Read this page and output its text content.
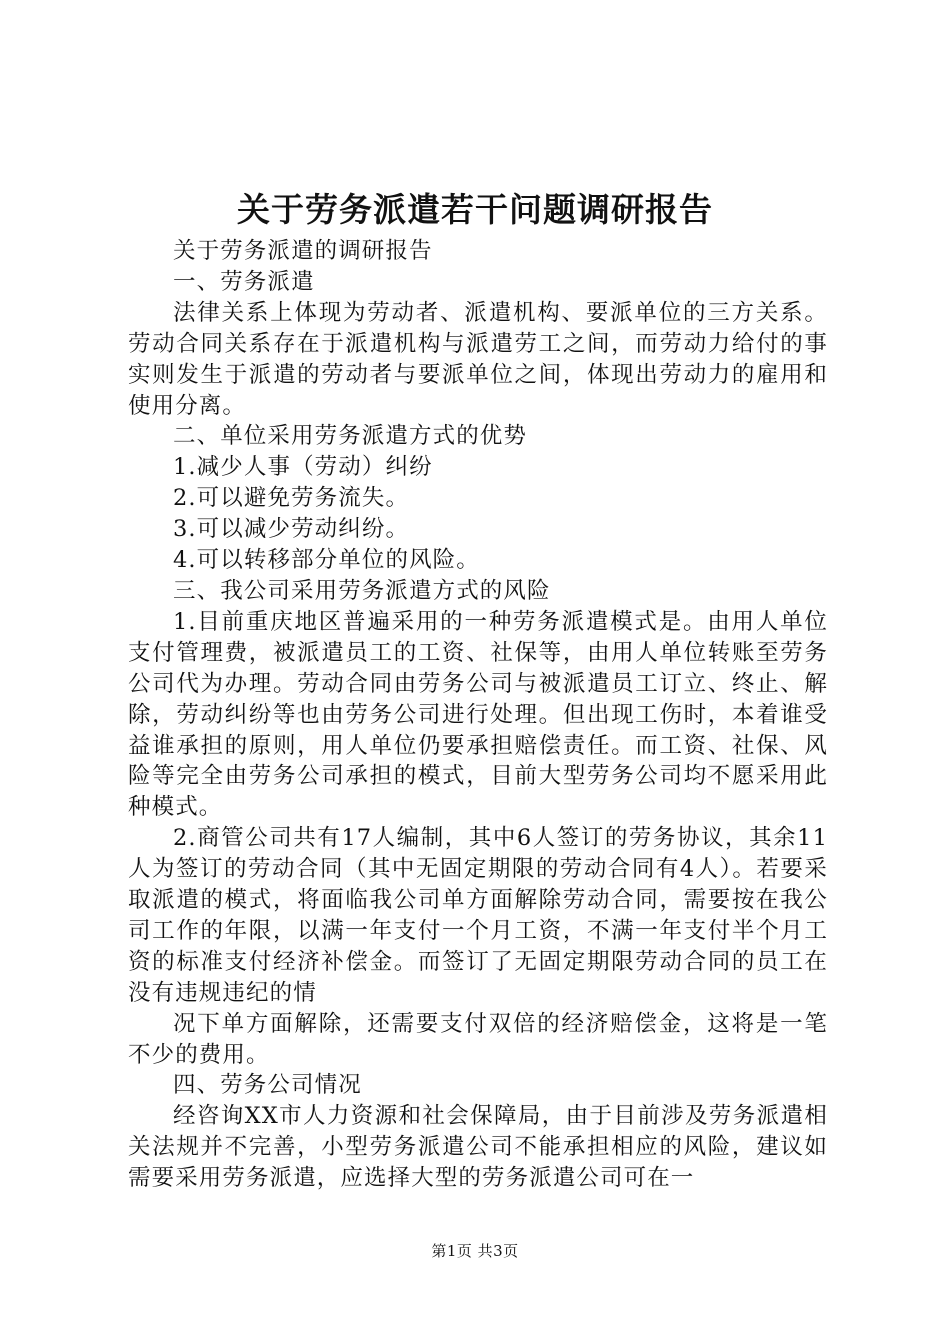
关于劳务派遣若干问题调研报告

关于劳务派遣的调研报告

一、劳务派遣

法律关系上体现为劳动者、派遣机构、要派单位的三方关系。劳动合同关系存在于派遣机构与派遣劳工之间，而劳动力给付的事实则发生于派遣的劳动者与要派单位之间，体现出劳动力的雇用和使用分离。

二、单位采用劳务派遣方式的优势

1.减少人事（劳动）纠纷

2.可以避免劳务流失。

3.可以减少劳动纠纷。

4.可以转移部分单位的风险。

三、我公司采用劳务派遣方式的风险

1.目前重庆地区普遍采用的一种劳务派遣模式是。由用人单位支付管理费，被派遣员工的工资、社保等，由用人单位转账至劳务公司代为办理。劳动合同由劳务公司与被派遣员工订立、终止、解除，劳动纠纷等也由劳务公司进行处理。但出现工伤时，本着谁受益谁承担的原则，用人单位仍要承担赔偿责任。而工资、社保、风险等完全由劳务公司承担的模式，目前大型劳务公司均不愿采用此种模式。

2.商管公司共有17人编制，其中6人签订的劳务协议，其余11人为签订的劳动合同（其中无固定期限的劳动合同有4人）。若要采取派遣的模式，将面临我公司单方面解除劳动合同，需要按在我公司工作的年限，以满一年支付一个月工资，不满一年支付半个月工资的标准支付经济补偿金。而签订了无固定期限劳动合同的员工在没有违规违纪的情

况下单方面解除，还需要支付双倍的经济赔偿金，这将是一笔不少的费用。

四、劳务公司情况

经咨询XX市人力资源和社会保障局，由于目前涉及劳务派遣相关法规并不完善，小型劳务派遣公司不能承担相应的风险，建议如需要采用劳务派遣，应选择大型的劳务派遣公司可在一

第1页 共3页
